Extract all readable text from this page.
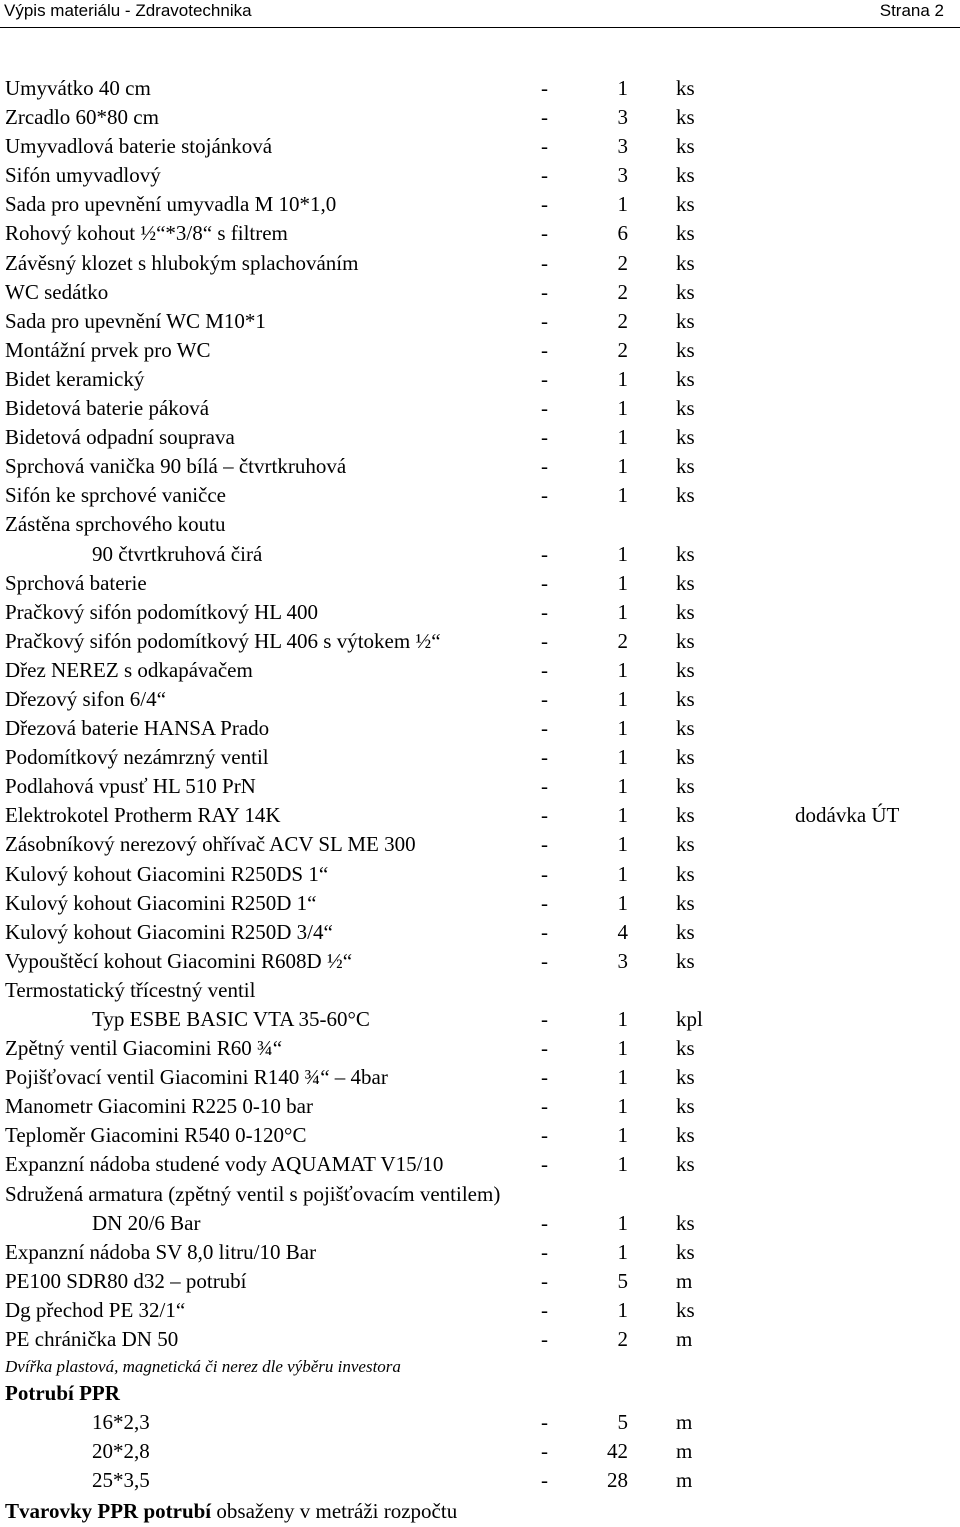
Výpis materiálu - Zdravotechnika	Strana 2
Umyvátko 40 cm	-	1 ks
Zrcadlo 60*80 cm	-	3 ks
Umyvadlová baterie stojánková	-	3 ks
Sifón umyvadlový	-	3 ks
Sada pro upevnění umyvadla M 10*1,0	-	1 ks
Rohový kohout ½“*3/8“ s filtrem	-	6 ks
Závěsný klozet s hlubokým splachováním	-	2 ks
WC sedátko	-	2 ks
Sada pro upevnění WC M10*1	-	2 ks
Montážní prvek pro WC	-	2 ks
Bidet keramický	-	1 ks
Bidetová baterie páková	-	1 ks
Bidetová odpadní souprava	-	1 ks
Sprchová vanička 90 bílá – čtvrtkruhová	-	1 ks
Sifón ke sprchové vaničce	-	1 ks
Zástěna sprchového koutu
90 čtvrtkruhová čirá	-	1 ks
Sprchová baterie	-	1 ks
Pračkový sifón podomítkový HL 400	-	1 ks
Pračkový sifón podomítkový HL 406 s výtokem ½“	-	2 ks
Dřez NEREZ s odkapávačem	-	1 ks
Dřezový sifon 6/4“	-	1 ks
Dřezová baterie HANSA Prado	-	1 ks
Podomítkový nezámrzný ventil	-	1 ks
Podlahová vpusť HL 510 PrN	-	1 ks
Elektrokotel Protherm RAY 14K	-	1 ks	dodávka ÚT
Zásobníkový nerezový ohřívač ACV SL ME 300	-	1 ks
Kulový kohout Giacomini R250DS 1“	-	1 ks
Kulový kohout Giacomini R250D 1“	-	1 ks
Kulový kohout Giacomini R250D 3/4“	-	4 ks
Vypouštěcí kohout Giacomini R608D ½“	-	3 ks
Termostatický třícestný ventil
Typ ESBE BASIC VTA 35-60°C	-	1 kpl
Zpětný ventil Giacomini R60 ¾“	-	1 ks
Pojišťovací ventil Giacomini R140 ¾“ – 4bar	-	1 ks
Manometr Giacomini R225 0-10 bar	-	1 ks
Teploměr Giacomini R540 0-120°C	-	1 ks
Expanzní nádoba studené vody AQUAMAT V15/10	-	1 ks
Sdružená armatura (zpětný ventil s pojišťovacím ventilem)
DN 20/6 Bar	-	1 ks
Expanzní nádoba SV 8,0 litru/10 Bar	-	1 ks
PE100 SDR80 d32 – potrubí	-	5 m
Dg přechod PE 32/1“	-	1 ks
PE chránička DN 50	-	2 m
Dvířka plastová, magnetická či nerez dle výběru investora
Potrubí PPR
16*2,3	-	5 m
20*2,8	-	42 m
25*3,5	-	28 m
Tvarovky PPR potrubí obsaženy v metráži rozpočtu
